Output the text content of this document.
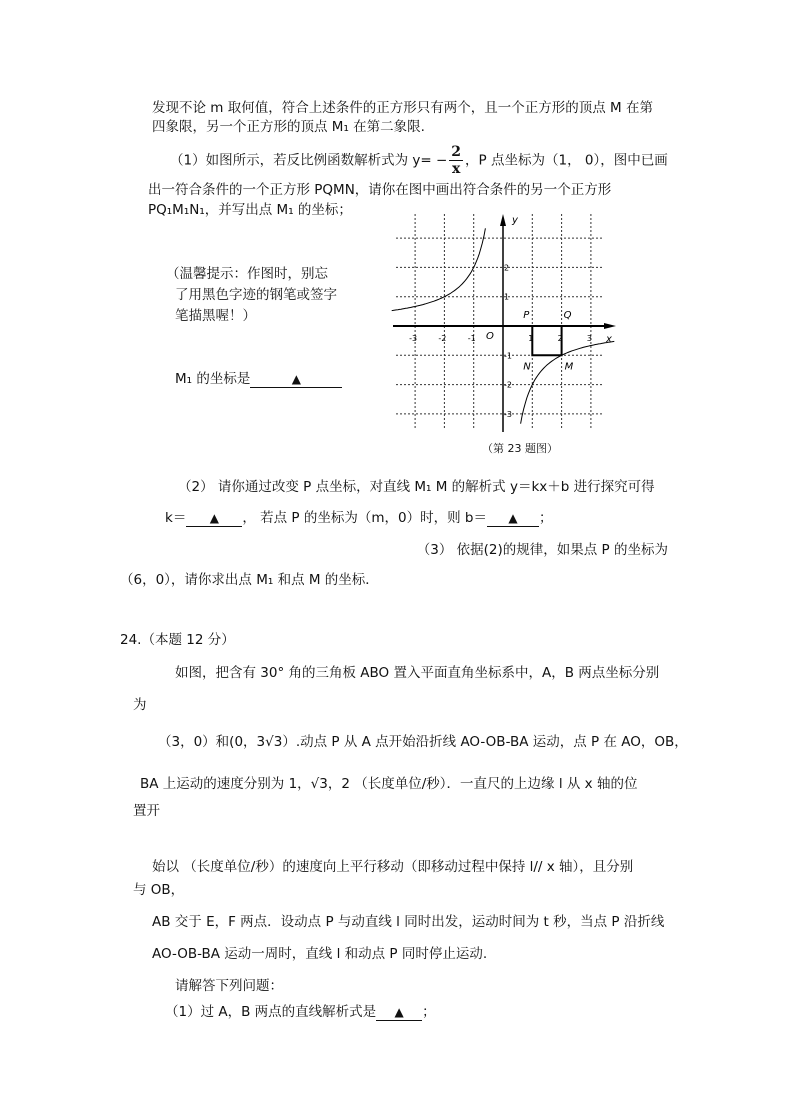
发现不论 m 取何值，符合上述条件的正方形只有两个，且一个正方形的顶点 M 在第
四象限，另一个正方形的顶点 M₁ 在第二象限.
（1）如图所示，若反比例函数解析式为 $y= - \frac{2}{x}$ ，P 点坐标为（1， 0），图中已画
出一符合条件的一个正方形 PQMN，请你在图中画出符合条件的另一个正方形
PQ₁M₁N₁，并写出点 M₁ 的坐标；
（温馨提示：作图时，别忘
了用黑色字迹的钢笔或签字
笔描黑喔！）
M₁ 的坐标是	▲
-3	-2	-1	1	2	3
2
1
-1
-2
-3
O	x
y
P	Q
M
N
（第 23 题图）
（2） 请你通过改变 P 点坐标，对直线 M₁ M 的解析式 y＝kx＋b 进行探究可得
k＝ ▲ ， 若点 P 的坐标为（m，0）时，则 b＝ ▲ ；
（3） 依据(2)的规律，如果点 P 的坐标为
（6，0），请你求出点 M₁ 和点 M 的坐标．
24.（本题 12 分）
如图，把含有 30° 角的三角板 ABO 置入平面直角坐标系中，A，B 两点坐标分别
为
（3，0）和(0，3√3）.动点 P 从 A 点开始沿折线 AO-OB-BA 运动，点 P 在 AO，OB，
BA 上运动的速度分别为 1，√3，2 （长度单位/秒）．一直尺的上边缘 l 从 x 轴的位
置开
始以 （长度单位/秒）的速度向上平行移动（即移动过程中保持 l// x 轴），且分别
与 OB，
AB 交于 E，F 两点．设动点 P 与动直线 l 同时出发，运动时间为 t 秒，当点 P 沿折线
AO-OB-BA 运动一周时，直线 l 和动点 P 同时停止运动.
请解答下列问题：
（1）过 A，B 两点的直线解析式是 ▲ ；
